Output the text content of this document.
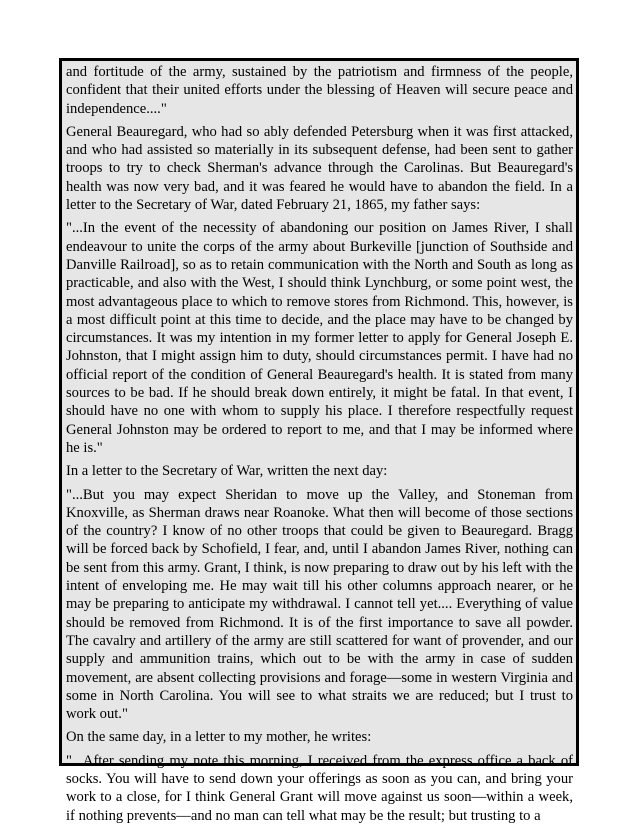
and fortitude of the army, sustained by the patriotism and firmness of the people, confident that their united efforts under the blessing of Heaven will secure peace and independence...."

General Beauregard, who had so ably defended Petersburg when it was first attacked, and who had assisted so materially in its subsequent defense, had been sent to gather troops to try to check Sherman's advance through the Carolinas. But Beauregard's health was now very bad, and it was feared he would have to abandon the field. In a letter to the Secretary of War, dated February 21, 1865, my father says:

"...In the event of the necessity of abandoning our position on James River, I shall endeavour to unite the corps of the army about Burkeville [junction of Southside and Danville Railroad], so as to retain communication with the North and South as long as practicable, and also with the West, I should think Lynchburg, or some point west, the most advantageous place to which to remove stores from Richmond. This, however, is a most difficult point at this time to decide, and the place may have to be changed by circumstances. It was my intention in my former letter to apply for General Joseph E. Johnston, that I might assign him to duty, should circumstances permit. I have had no official report of the condition of General Beauregard's health. It is stated from many sources to be bad. If he should break down entirely, it might be fatal. In that event, I should have no one with whom to supply his place. I therefore respectfully request General Johnston may be ordered to report to me, and that I may be informed where he is."

In a letter to the Secretary of War, written the next day:

"...But you may expect Sheridan to move up the Valley, and Stoneman from Knoxville, as Sherman draws near Roanoke. What then will become of those sections of the country? I know of no other troops that could be given to Beauregard. Bragg will be forced back by Schofield, I fear, and, until I abandon James River, nothing can be sent from this army. Grant, I think, is now preparing to draw out by his left with the intent of enveloping me. He may wait till his other columns approach nearer, or he may be preparing to anticipate my withdrawal. I cannot tell yet.... Everything of value should be removed from Richmond. It is of the first importance to save all powder. The cavalry and artillery of the army are still scattered for want of provender, and our supply and ammunition trains, which out to be with the army in case of sudden movement, are absent collecting provisions and forage—some in western Virginia and some in North Carolina. You will see to what straits we are reduced; but I trust to work out."

On the same day, in a letter to my mother, he writes:

"...After sending my note this morning, I received from the express office a back of socks. You will have to send down your offerings as soon as you can, and bring your work to a close, for I think General Grant will move against us soon—within a week, if nothing prevents—and no man can tell what may be the result; but trusting to a
